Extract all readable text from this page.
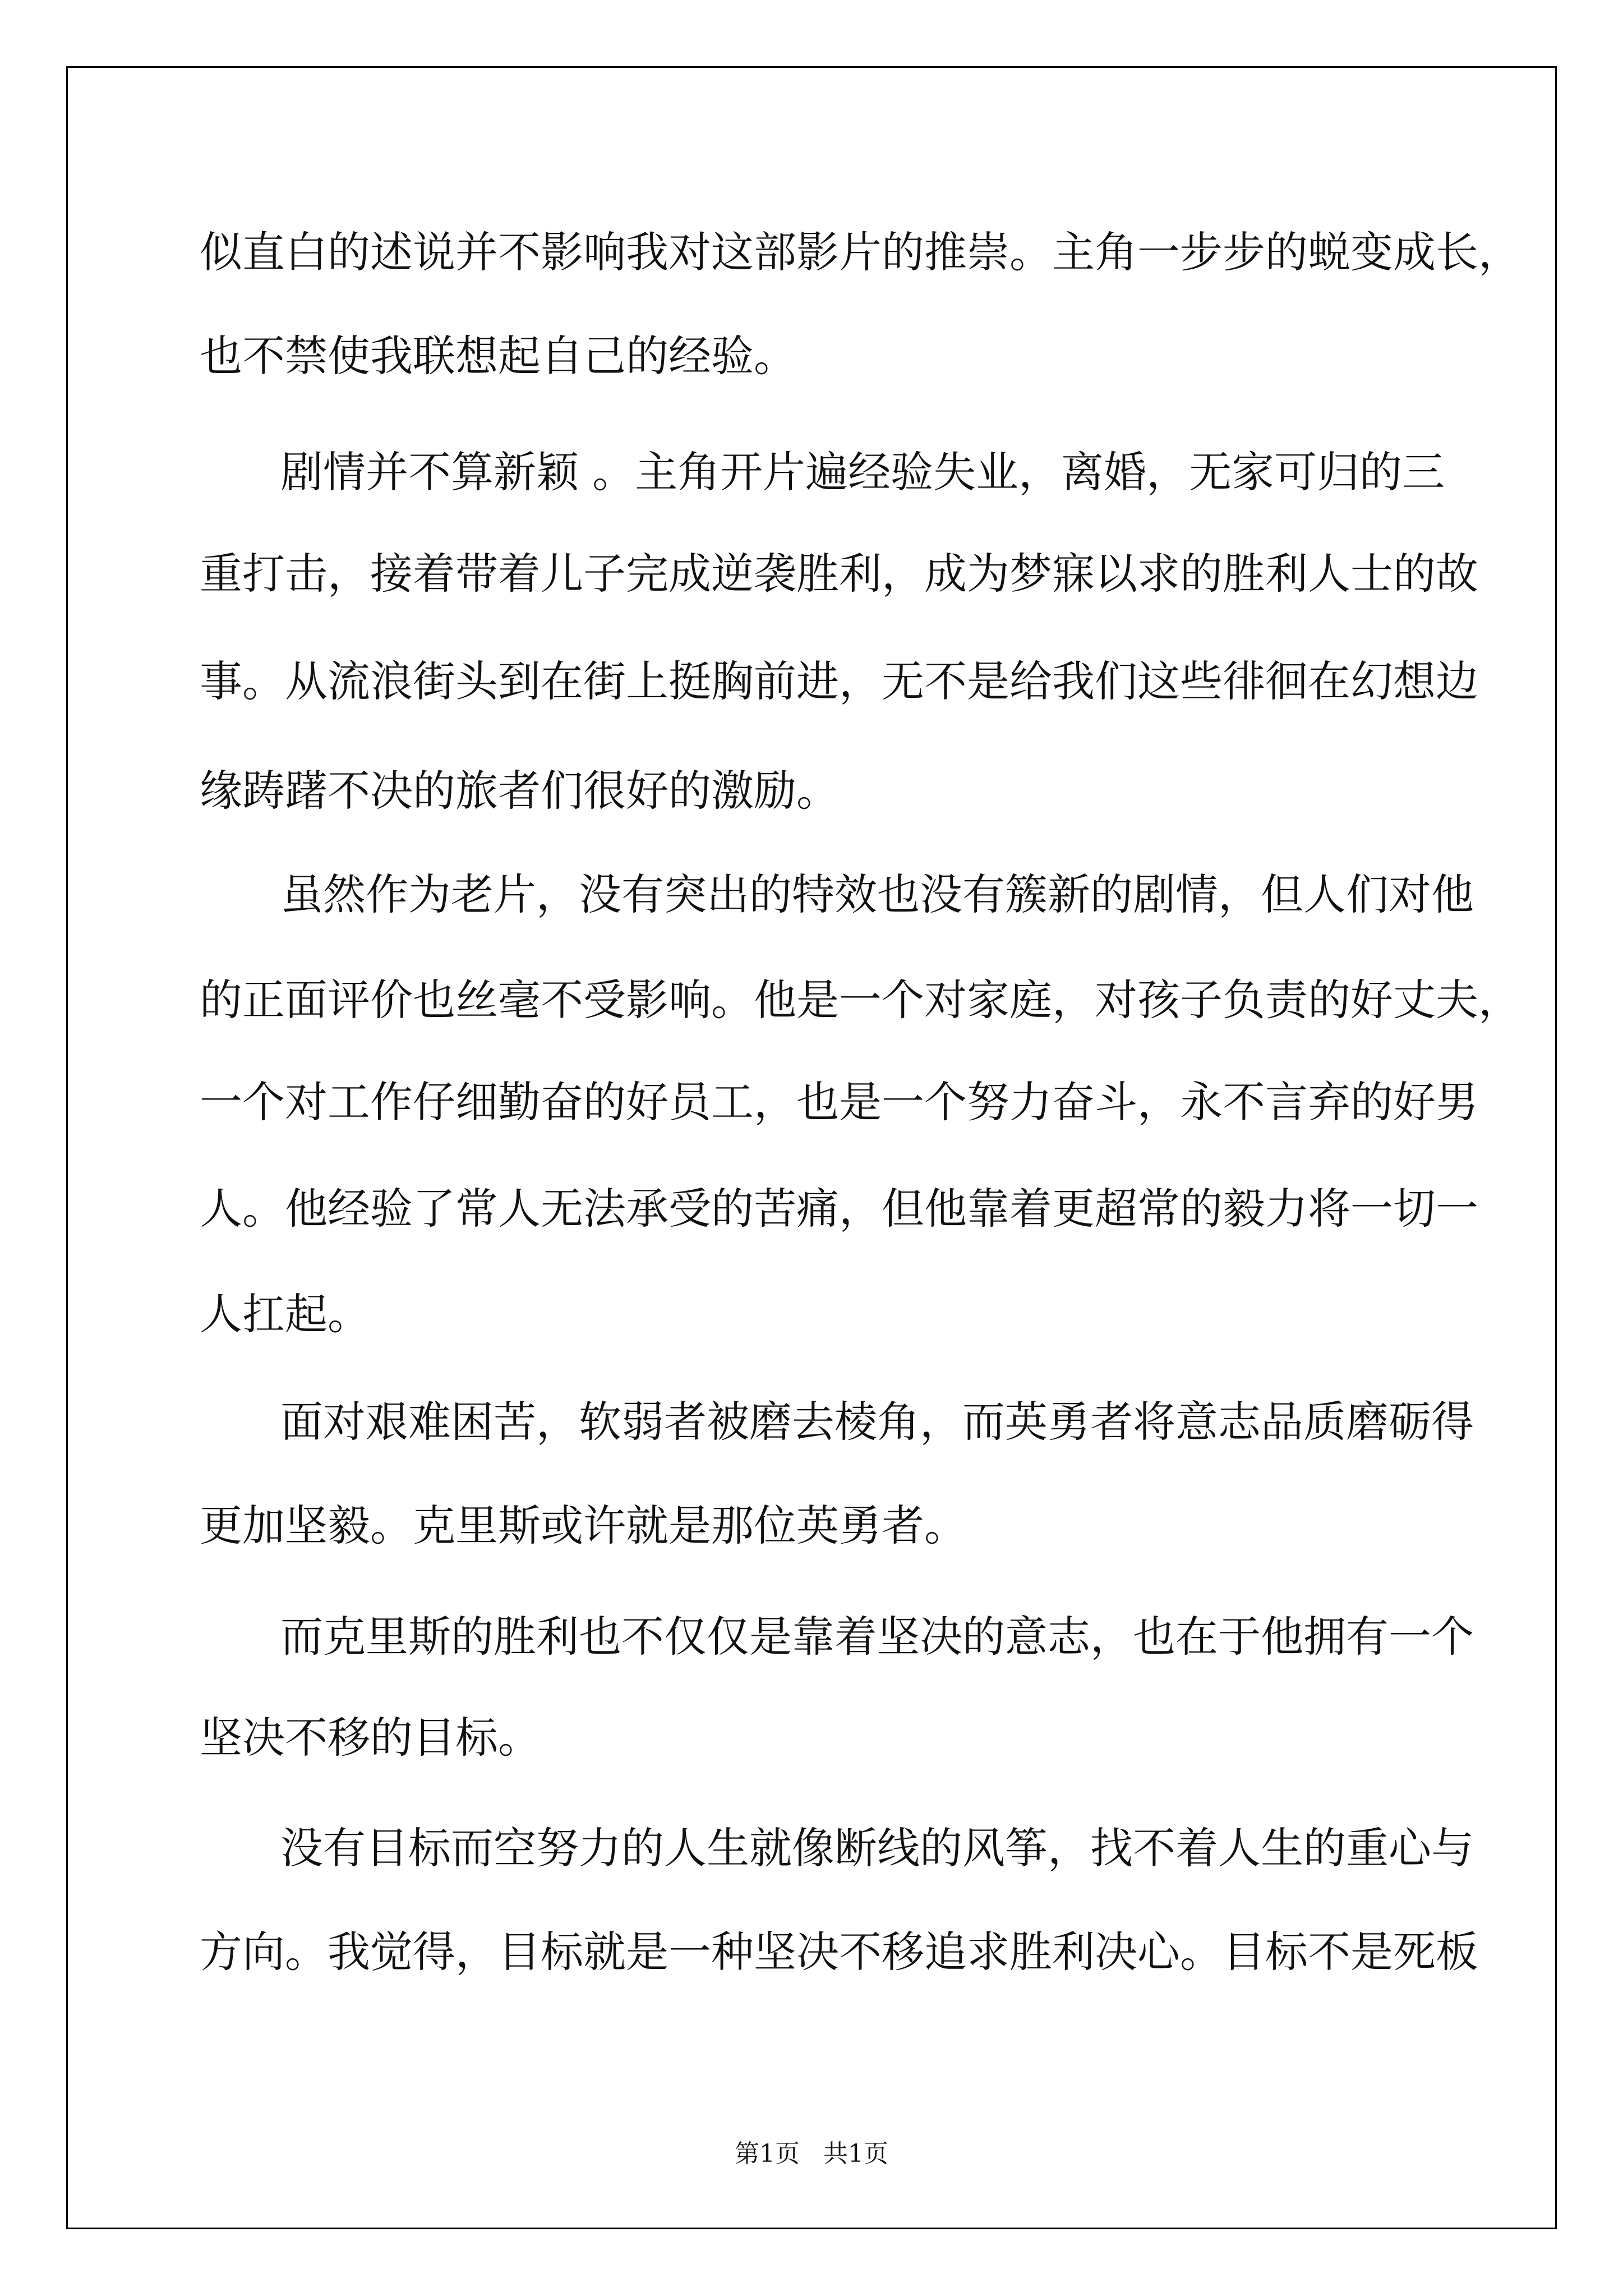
似直白的述说并不影响我对这部影片的推崇。主角一步步的蜕变成长，

也不禁使我联想起自己的经验。

剧情并不算新颖 。主角开片遍经验失业，离婚，无家可归的三

重打击，接着带着儿子完成逆袭胜利，成为梦寐以求的胜利人士的故

事。从流浪街头到在街上挺胸前进，无不是给我们这些徘徊在幻想边

缘踌躇不决的旅者们很好的激励。

虽然作为老片，没有突出的特效也没有簇新的剧情，但人们对他

的正面评价也丝毫不受影响。他是一个对家庭，对孩子负责的好丈夫，

一个对工作仔细勤奋的好员工，也是一个努力奋斗，永不言弃的好男

人。他经验了常人无法承受的苦痛，但他靠着更超常的毅力将一切一

人扛起。

面对艰难困苦，软弱者被磨去棱角，而英勇者将意志品质磨砺得

更加坚毅。克里斯或许就是那位英勇者。

而克里斯的胜利也不仅仅是靠着坚决的意志，也在于他拥有一个

坚决不移的目标。

没有目标而空努力的人生就像断线的风筝，找不着人生的重心与

方向。我觉得，目标就是一种坚决不移追求胜利决心。目标不是死板

第1页   共1页
